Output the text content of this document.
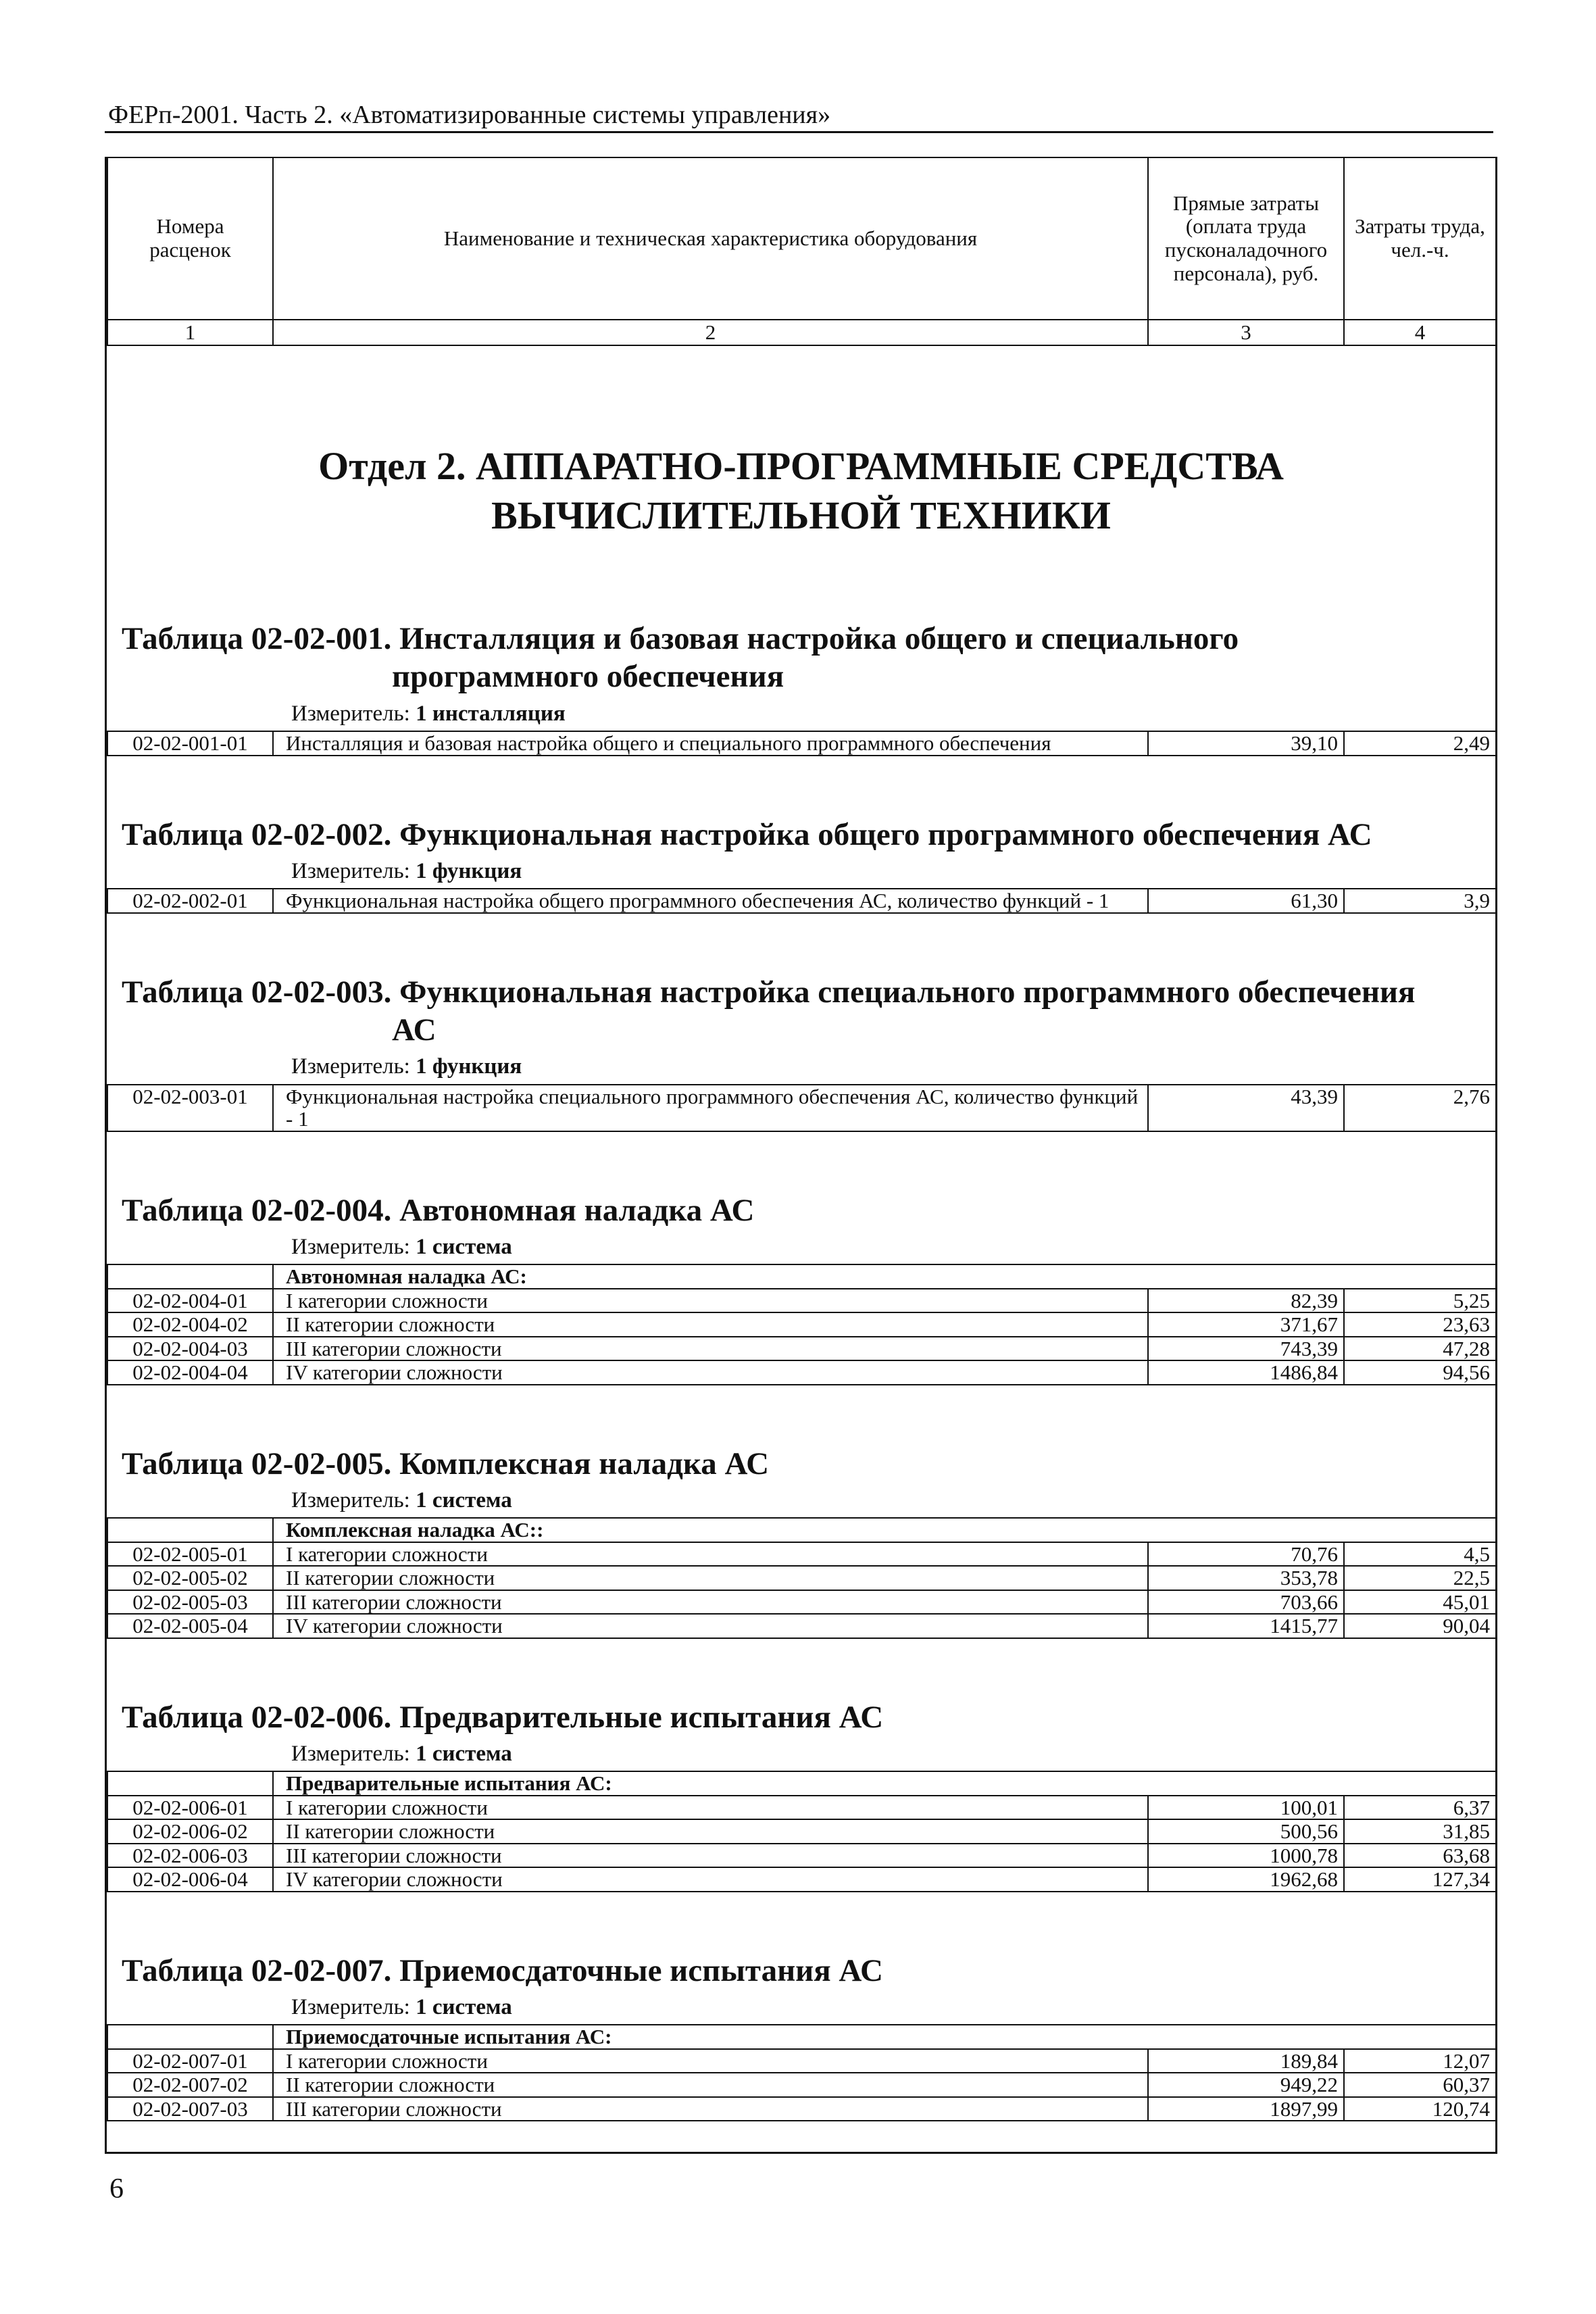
ФЕРп-2001. Часть 2. «Автоматизированные системы управления»
Номера расценок	Наименование и техническая характеристика оборудования	Прямые затраты (оплата труда пусконаладочного персонала), руб.	Затраты труда, чел.-ч.
1	2	3	4
Отдел 2. АППАРАТНО-ПРОГРАММНЫЕ СРЕДСТВА
ВЫЧИСЛИТЕЛЬНОЙ ТЕХНИКИ
Таблица 02-02-001. Инсталляция и базовая настройка общего и специального
программного обеспечения
Измеритель: 1 инсталляция
02-02-001-01	Инсталляция и базовая настройка общего и специального программного обеспечения	39,10	2,49
Таблица 02-02-002. Функциональная настройка общего программного обеспечения АС
Измеритель: 1 функция
02-02-002-01	Функциональная настройка общего программного обеспечения АС, количество функций - 1	61,30	3,9
Таблица 02-02-003. Функциональная настройка специального программного обеспечения
АС
Измеритель: 1 функция
02-02-003-01	Функциональная настройка специального программного обеспечения АС, количество функций - 1	43,39	2,76
Таблица 02-02-004. Автономная наладка АС
Измеритель: 1 система
	Автономная наладка АС:		
02-02-004-01	I категории сложности	82,39	5,25
02-02-004-02	II категории сложности	371,67	23,63
02-02-004-03	III категории сложности	743,39	47,28
02-02-004-04	IV категории сложности	1486,84	94,56
Таблица 02-02-005. Комплексная наладка АС
Измеритель: 1 система
	Комплексная наладка АС::		
02-02-005-01	I категории сложности	70,76	4,5
02-02-005-02	II категории сложности	353,78	22,5
02-02-005-03	III категории сложности	703,66	45,01
02-02-005-04	IV категории сложности	1415,77	90,04
Таблица 02-02-006. Предварительные испытания АС
Измеритель: 1 система
	Предварительные испытания АС:		
02-02-006-01	I категории сложности	100,01	6,37
02-02-006-02	II категории сложности	500,56	31,85
02-02-006-03	III категории сложности	1000,78	63,68
02-02-006-04	IV категории сложности	1962,68	127,34
Таблица 02-02-007. Приемосдаточные испытания АС
Измеритель: 1 система
	Приемосдаточные испытания АС:		
02-02-007-01	I категории сложности	189,84	12,07
02-02-007-02	II категории сложности	949,22	60,37
02-02-007-03	III категории сложности	1897,99	120,74
6
